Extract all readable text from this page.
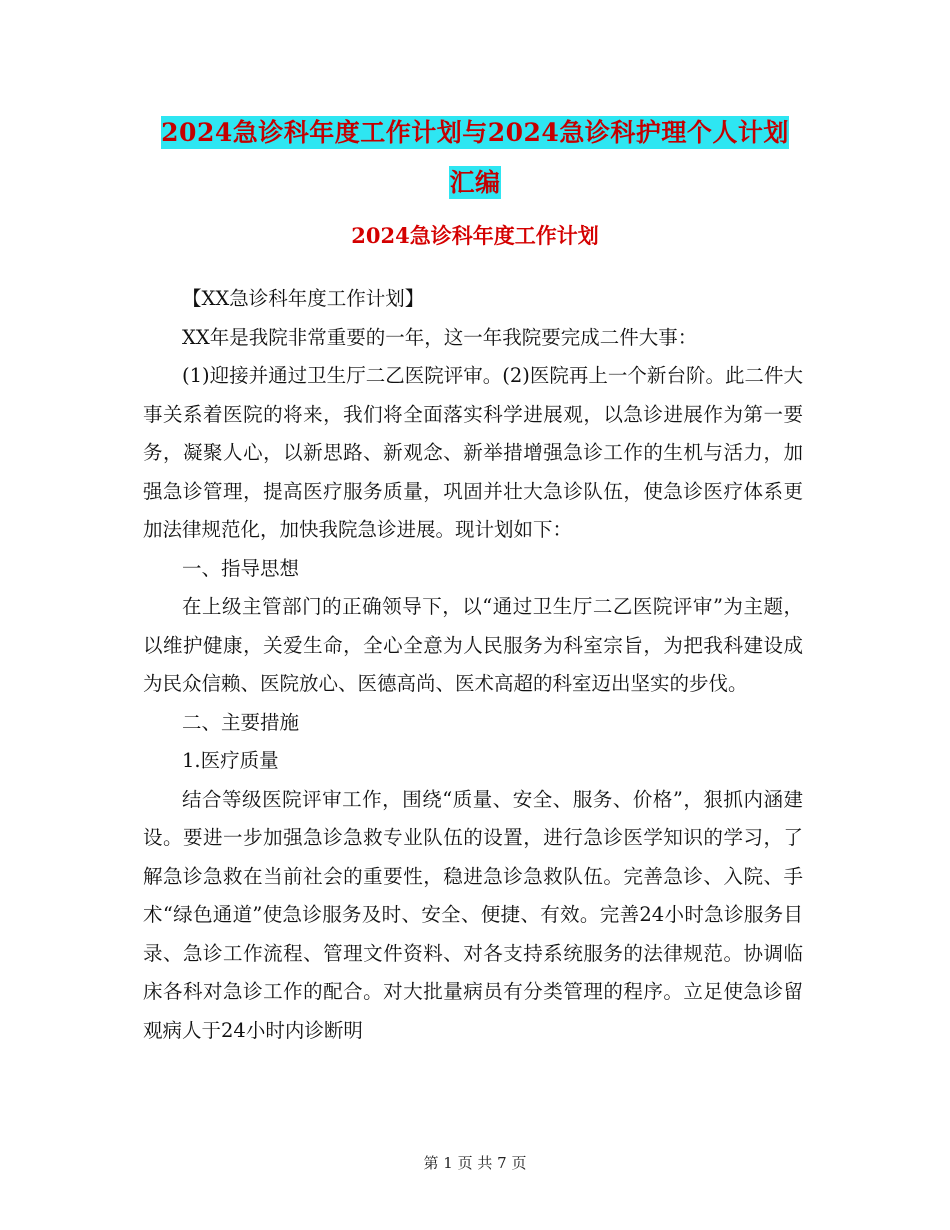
2024急诊科年度工作计划与2024急诊科护理个人计划
汇编
2024急诊科年度工作计划

【XX急诊科年度工作计划】

XX年是我院非常重要的一年，这一年我院要完成二件大事：

(1)迎接并通过卫生厅二乙医院评审。(2)医院再上一个新台阶。此二件大事关系着医院的将来，我们将全面落实科学进展观，以急诊进展作为第一要务，凝聚人心，以新思路、新观念、新举措增强急诊工作的生机与活力，加强急诊管理，提高医疗服务质量，巩固并壮大急诊队伍，使急诊医疗体系更加法律规范化，加快我院急诊进展。现计划如下：

一、指导思想

在上级主管部门的正确领导下，以“通过卫生厅二乙医院评审”为主题，以维护健康，关爱生命，全心全意为人民服务为科室宗旨，为把我科建设成为民众信赖、医院放心、医德高尚、医术高超的科室迈出坚实的步伐。

二、主要措施

1.医疗质量

结合等级医院评审工作，围绕“质量、安全、服务、价格”，狠抓内涵建设。要进一步加强急诊急救专业队伍的设置，进行急诊医学知识的学习，了解急诊急救在当前社会的重要性，稳进急诊急救队伍。完善急诊、入院、手术“绿色通道”使急诊服务及时、安全、便捷、有效。完善24小时急诊服务目录、急诊工作流程、管理文件资料、对各支持系统服务的法律规范。协调临床各科对急诊工作的配合。对大批量病员有分类管理的程序。立足使急诊留观病人于24小时内诊断明

第 1 页 共 7 页
